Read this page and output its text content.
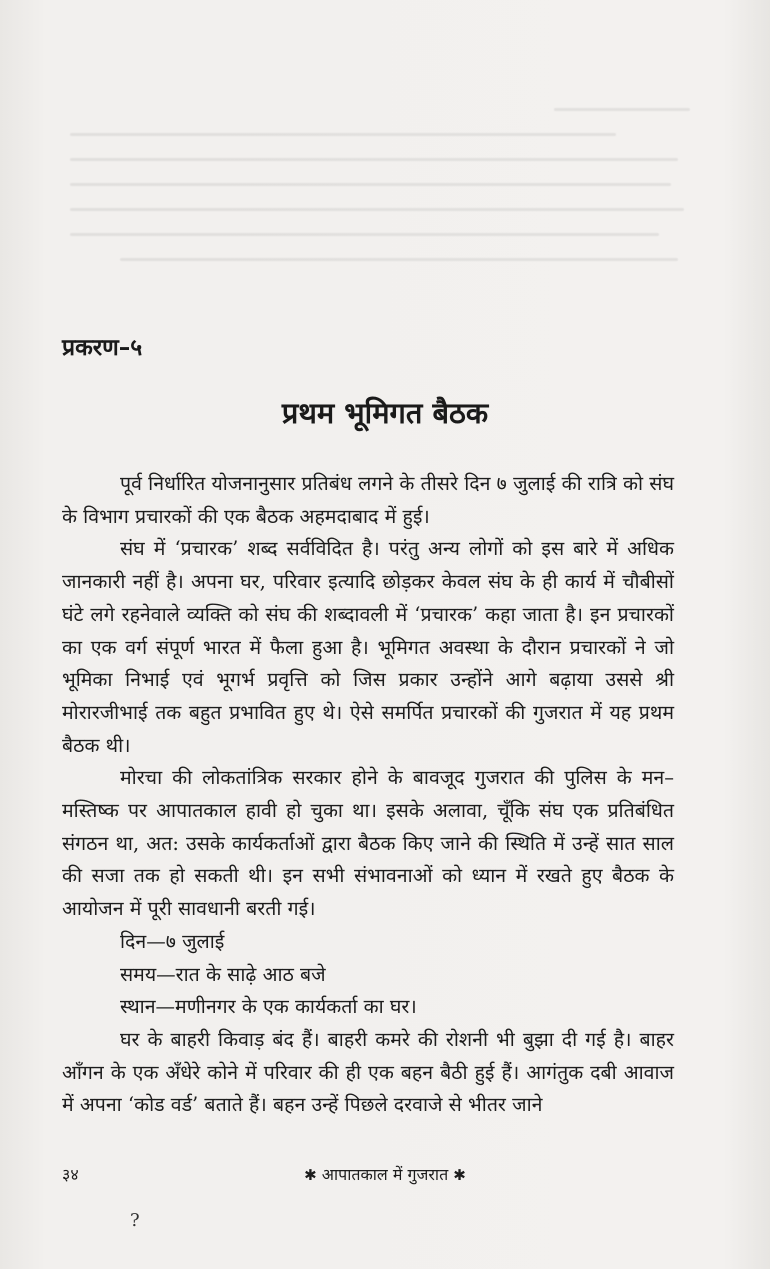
प्रकरण–५
प्रथम भूमिगत बैठक

पूर्व निर्धारित योजनानुसार प्रतिबंध लगने के तीसरे दिन ७ जुलाई की रात्रि को संघ के विभाग प्रचारकों की एक बैठक अहमदाबाद में हुई।

संघ में ‘प्रचारक’ शब्द सर्वविदित है। परंतु अन्य लोगों को इस बारे में अधिक जानकारी नहीं है। अपना घर, परिवार इत्यादि छोड़कर केवल संघ के ही कार्य में चौबीसों घंटे लगे रहनेवाले व्यक्ति को संघ की शब्दावली में ‘प्रचारक’ कहा जाता है। इन प्रचारकों का एक वर्ग संपूर्ण भारत में फैला हुआ है। भूमिगत अवस्था के दौरान प्रचारकों ने जो भूमिका निभाई एवं भूगर्भ प्रवृत्ति को जिस प्रकार उन्होंने आगे बढ़ाया उससे श्री मोरारजीभाई तक बहुत प्रभावित हुए थे। ऐसे समर्पित प्रचारकों की गुजरात में यह प्रथम बैठक थी।

मोरचा की लोकतांत्रिक सरकार होने के बावजूद गुजरात की पुलिस के मन–मस्तिष्क पर आपातकाल हावी हो चुका था। इसके अलावा, चूँकि संघ एक प्रतिबंधित संगठन था, अत: उसके कार्यकर्ताओं द्वारा बैठक किए जाने की स्थिति में उन्हें सात साल की सजा तक हो सकती थी। इन सभी संभावनाओं को ध्यान में रखते हुए बैठक के आयोजन में पूरी सावधानी बरती गई।

दिन—७ जुलाई

समय—रात के साढ़े आठ बजे

स्थान—मणीनगर के एक कार्यकर्ता का घर।

घर के बाहरी किवाड़ बंद हैं। बाहरी कमरे की रोशनी भी बुझा दी गई है। बाहर आँगन के एक अँधेरे कोने में परिवार की ही एक बहन बैठी हुई हैं। आगंतुक दबी आवाज में अपना ‘कोड वर्ड’ बताते हैं। बहन उन्हें पिछले दरवाजे से भीतर जाने

३४	✱ आपातकाल में गुजरात ✱
?
